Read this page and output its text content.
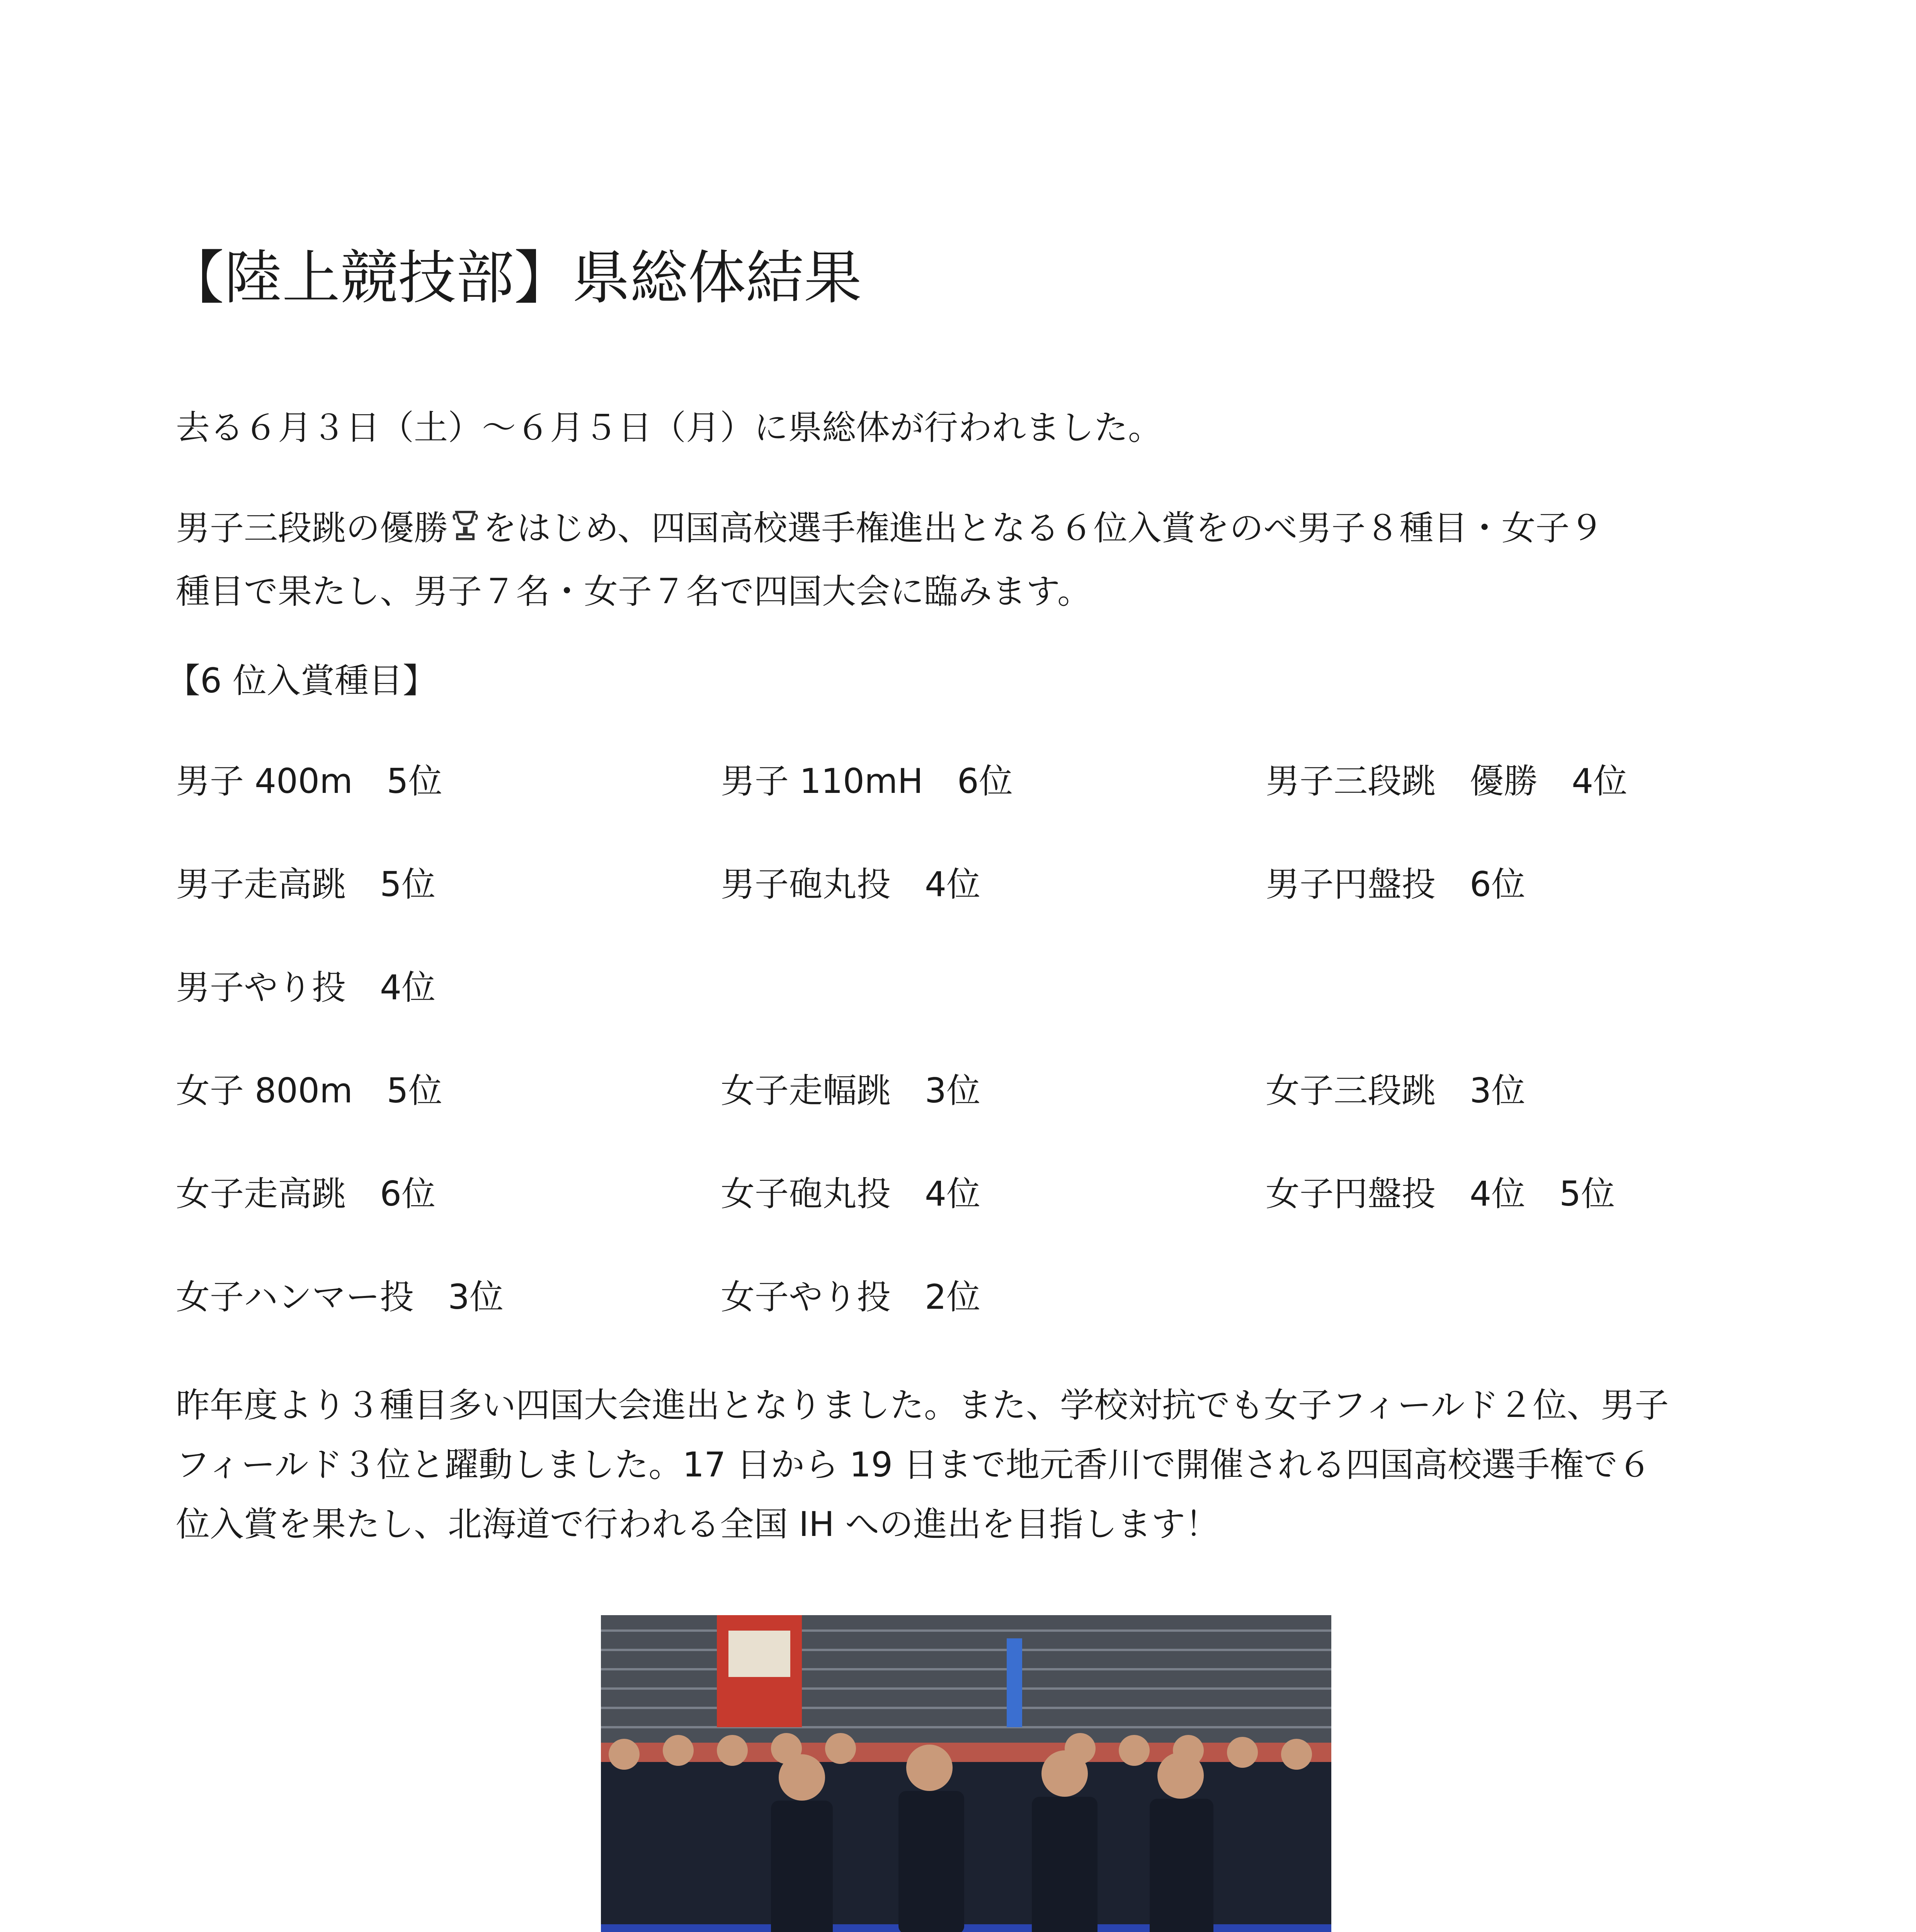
【陸上競技部】県総体結果

去る６月３日（土）〜６月５日（月）に県総体が行われました。

男子三段跳の優勝 をはじめ、四国高校選手権進出となる６位入賞をのべ男子８種目・女子９
種目で果たし、男子７名・女子７名で四国大会に臨みます。

【6 位入賞種目】

男子 400m　5位	男子 110mH　6位	男子三段跳　優勝　4位
男子走高跳　5位	男子砲丸投　4位	男子円盤投　6位
男子やり投　4位
女子 800m　5位	女子走幅跳　3位	女子三段跳　3位
女子走高跳　6位	女子砲丸投　4位	女子円盤投　4位　5位
女子ハンマー投　3位	女子やり投　2位

昨年度より３種目多い四国大会進出となりました。また、学校対抗でも女子フィールド２位、男子
フィールド３位と躍動しました。17 日から 19 日まで地元香川で開催される四国高校選手権で６
位入賞を果たし、北海道で行われる全国 IH への進出を目指します！
